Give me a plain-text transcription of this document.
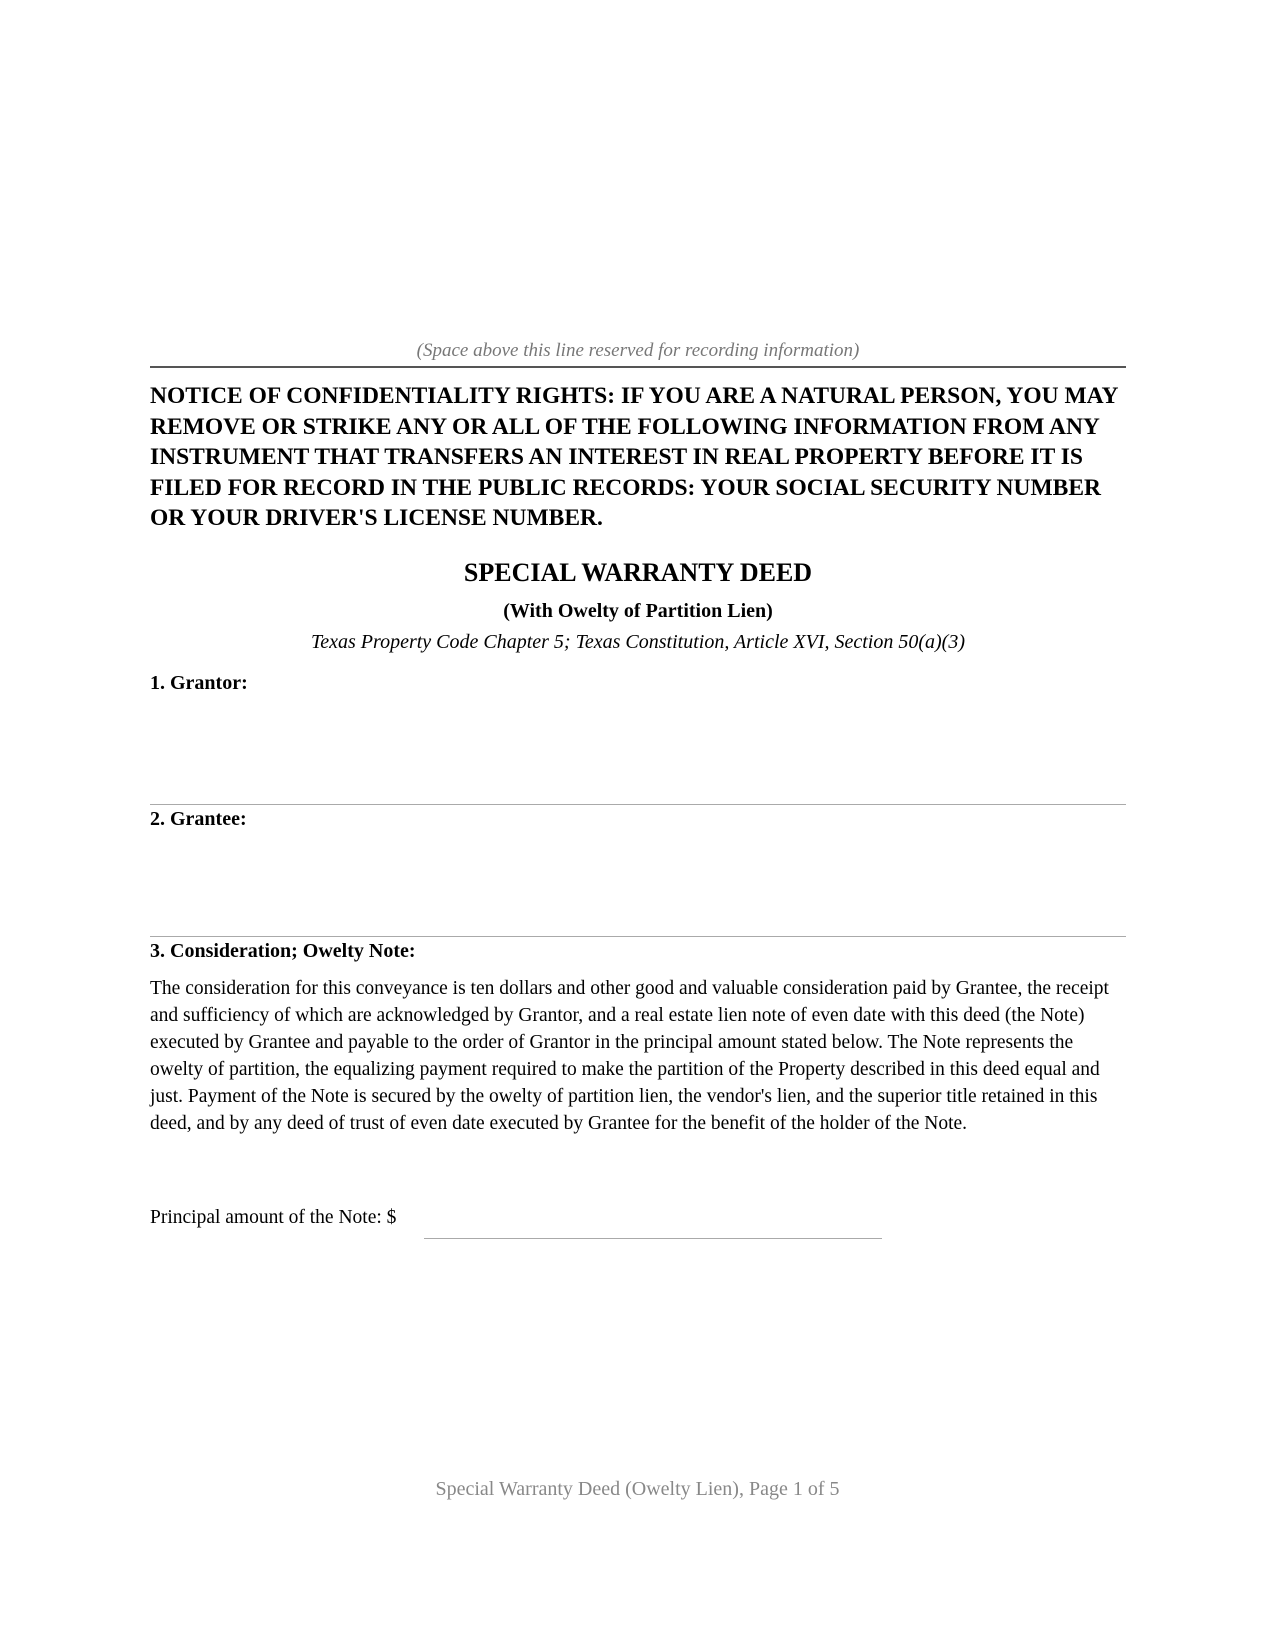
(Space above this line reserved for recording information)
NOTICE OF CONFIDENTIALITY RIGHTS: IF YOU ARE A NATURAL PERSON, YOU MAY REMOVE OR STRIKE ANY OR ALL OF THE FOLLOWING INFORMATION FROM ANY INSTRUMENT THAT TRANSFERS AN INTEREST IN REAL PROPERTY BEFORE IT IS FILED FOR RECORD IN THE PUBLIC RECORDS: YOUR SOCIAL SECURITY NUMBER OR YOUR DRIVER'S LICENSE NUMBER.
SPECIAL WARRANTY DEED
(With Owelty of Partition Lien)
Texas Property Code Chapter 5; Texas Constitution, Article XVI, Section 50(a)(3)
1. Grantor:
2. Grantee:
3. Consideration; Owelty Note:
The consideration for this conveyance is ten dollars and other good and valuable consideration paid by Grantee, the receipt and sufficiency of which are acknowledged by Grantor, and a real estate lien note of even date with this deed (the Note) executed by Grantee and payable to the order of Grantor in the principal amount stated below. The Note represents the owelty of partition, the equalizing payment required to make the partition of the Property described in this deed equal and just. Payment of the Note is secured by the owelty of partition lien, the vendor's lien, and the superior title retained in this deed, and by any deed of trust of even date executed by Grantee for the benefit of the holder of the Note.
Principal amount of the Note: $
Special Warranty Deed (Owelty Lien), Page 1 of 5
